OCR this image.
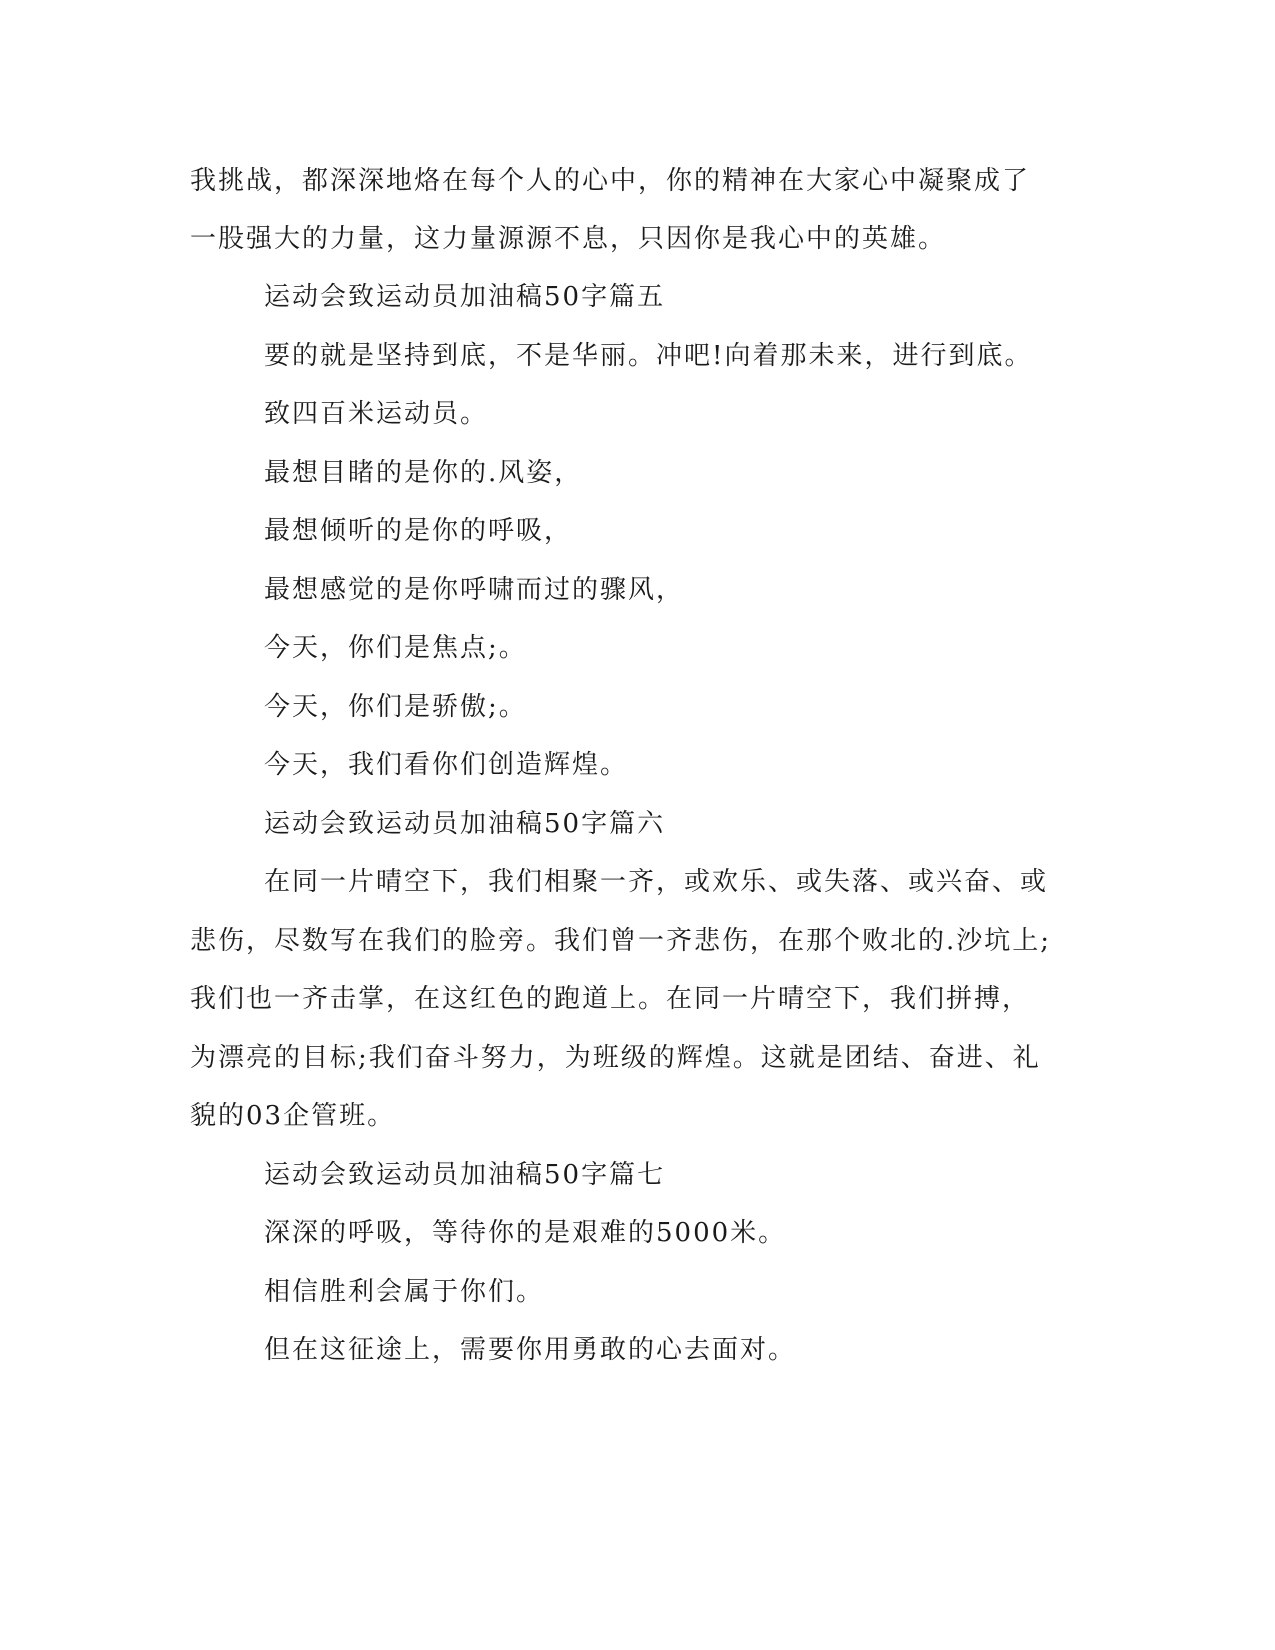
我挑战，都深深地烙在每个人的心中，你的精神在大家心中凝聚成了
一股强大的力量，这力量源源不息，只因你是我心中的英雄。
运动会致运动员加油稿50字篇五
要的就是坚持到底，不是华丽。冲吧!向着那未来，进行到底。
致四百米运动员。
最想目睹的是你的.风姿，
最想倾听的是你的呼吸，
最想感觉的是你呼啸而过的骤风，
今天，你们是焦点;。
今天，你们是骄傲;。
今天，我们看你们创造辉煌。
运动会致运动员加油稿50字篇六
在同一片晴空下，我们相聚一齐，或欢乐、或失落、或兴奋、或
悲伤，尽数写在我们的脸旁。我们曾一齐悲伤，在那个败北的.沙坑上;
我们也一齐击掌，在这红色的跑道上。在同一片晴空下，我们拼搏，
为漂亮的目标;我们奋斗努力，为班级的辉煌。这就是团结、奋进、礼
貌的03企管班。
运动会致运动员加油稿50字篇七
深深的呼吸，等待你的是艰难的5000米。
相信胜利会属于你们。
但在这征途上，需要你用勇敢的心去面对。
